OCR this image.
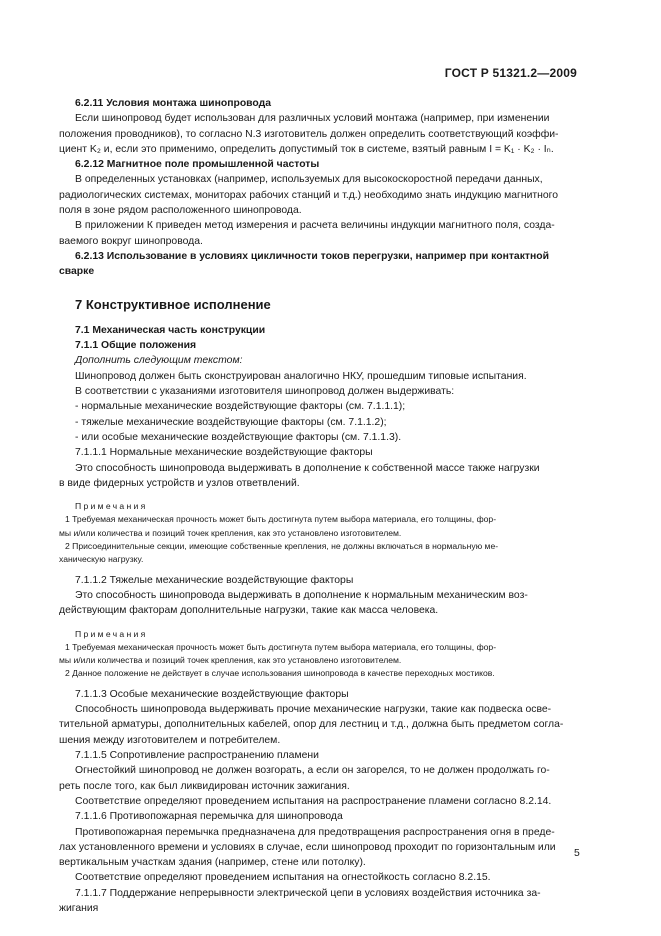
ГОСТ Р 51321.2—2009

6.2.11 Условия монтажа шинопровода

Если шинопровод будет использован для различных условий монтажа (например, при изменении

положения проводников), то согласно N.3 изготовитель должен определить соответствующий коэффи-

циент K₂ и, если это применимо, определить допустимый ток в системе, взятый равным I = K₁ · K₂ · Iₙ.

6.2.12 Магнитное поле промышленной частоты

В определенных установках (например, используемых для высокоскоростной передачи данных,

радиологических системах, мониторах рабочих станций и т.д.) необходимо знать индукцию магнитного

поля в зоне рядом расположенного шинопровода.

В приложении К приведен метод измерения и расчета величины индукции магнитного поля, созда-

ваемого вокруг шинопровода.

6.2.13 Использование в условиях цикличности токов перегрузки, например при контактной

сварке

7 Конструктивное исполнение

7.1 Механическая часть конструкции

7.1.1 Общие положения

Дополнить следующим текстом:

Шинопровод должен быть сконструирован аналогично НКУ, прошедшим типовые испытания.

В соответствии с указаниями изготовителя шинопровод должен выдерживать:

- нормальные механические воздействующие факторы (см. 7.1.1.1);

- тяжелые механические воздействующие факторы (см. 7.1.1.2);

- или особые механические воздействующие факторы (см. 7.1.1.3).

7.1.1.1 Нормальные механические воздействующие факторы

Это способность шинопровода выдерживать в дополнение к собственной массе также нагрузки

в виде фидерных устройств и узлов ответвлений.

Примечания

1 Требуемая механическая прочность может быть достигнута путем выбора материала, его толщины, фор-

мы и/или количества и позиций точек крепления, как это установлено изготовителем.

2 Присоединительные секции, имеющие собственные крепления, не должны включаться в нормальную ме-

ханическую нагрузку.

7.1.1.2 Тяжелые механические воздействующие факторы

Это способность шинопровода выдерживать в дополнение к нормальным механическим воз-

действующим факторам дополнительные нагрузки, такие как масса человека.

Примечания

1 Требуемая механическая прочность может быть достигнута путем выбора материала, его толщины, фор-

мы и/или количества и позиций точек крепления, как это установлено изготовителем.

2 Данное положение не действует в случае использования шинопровода в качестве переходных мостиков.

7.1.1.3 Особые механические воздействующие факторы

Способность шинопровода выдерживать прочие механические нагрузки, такие как подвеска осве-

тительной арматуры, дополнительных кабелей, опор для лестниц и т.д., должна быть предметом согла-

шения между изготовителем и потребителем.

7.1.1.5 Сопротивление распространению пламени

Огнестойкий шинопровод не должен возгорать, а если он загорелся, то не должен продолжать го-

реть после того, как был ликвидирован источник зажигания.

Соответствие определяют проведением испытания на распространение пламени согласно 8.2.14.

7.1.1.6 Противопожарная перемычка для шинопровода

Противопожарная перемычка предназначена для предотвращения распространения огня в преде-

лах установленного времени и условиях в случае, если шинопровод проходит по горизонтальным или

вертикальным участкам здания (например, стене или потолку).

Соответствие определяют проведением испытания на огнестойкость согласно 8.2.15.

7.1.1.7 Поддержание непрерывности электрической цепи в условиях воздействия источника за-

жигания

5
